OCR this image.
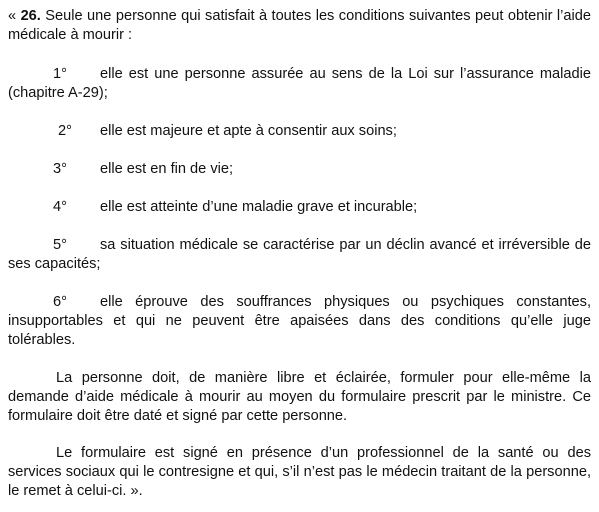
« 26. Seule une personne qui satisfait à toutes les conditions suivantes peut obtenir l’aide médicale à mourir :

1° elle est une personne assurée au sens de la Loi sur l’assurance maladie (chapitre A-29);

2° elle est majeure et apte à consentir aux soins;

3° elle est en fin de vie;

4° elle est atteinte d’une maladie grave et incurable;

5° sa situation médicale se caractérise par un déclin avancé et irréversible de ses capacités;

6° elle éprouve des souffrances physiques ou psychiques constantes, insupportables et qui ne peuvent être apaisées dans des conditions qu’elle juge tolérables.

La personne doit, de manière libre et éclairée, formuler pour elle-même la demande d’aide médicale à mourir au moyen du formulaire prescrit par le ministre. Ce formulaire doit être daté et signé par cette personne.

Le formulaire est signé en présence d’un professionnel de la santé ou des services sociaux qui le contresigne et qui, s’il n’est pas le médecin traitant de la personne, le remet à celui-ci. ».
